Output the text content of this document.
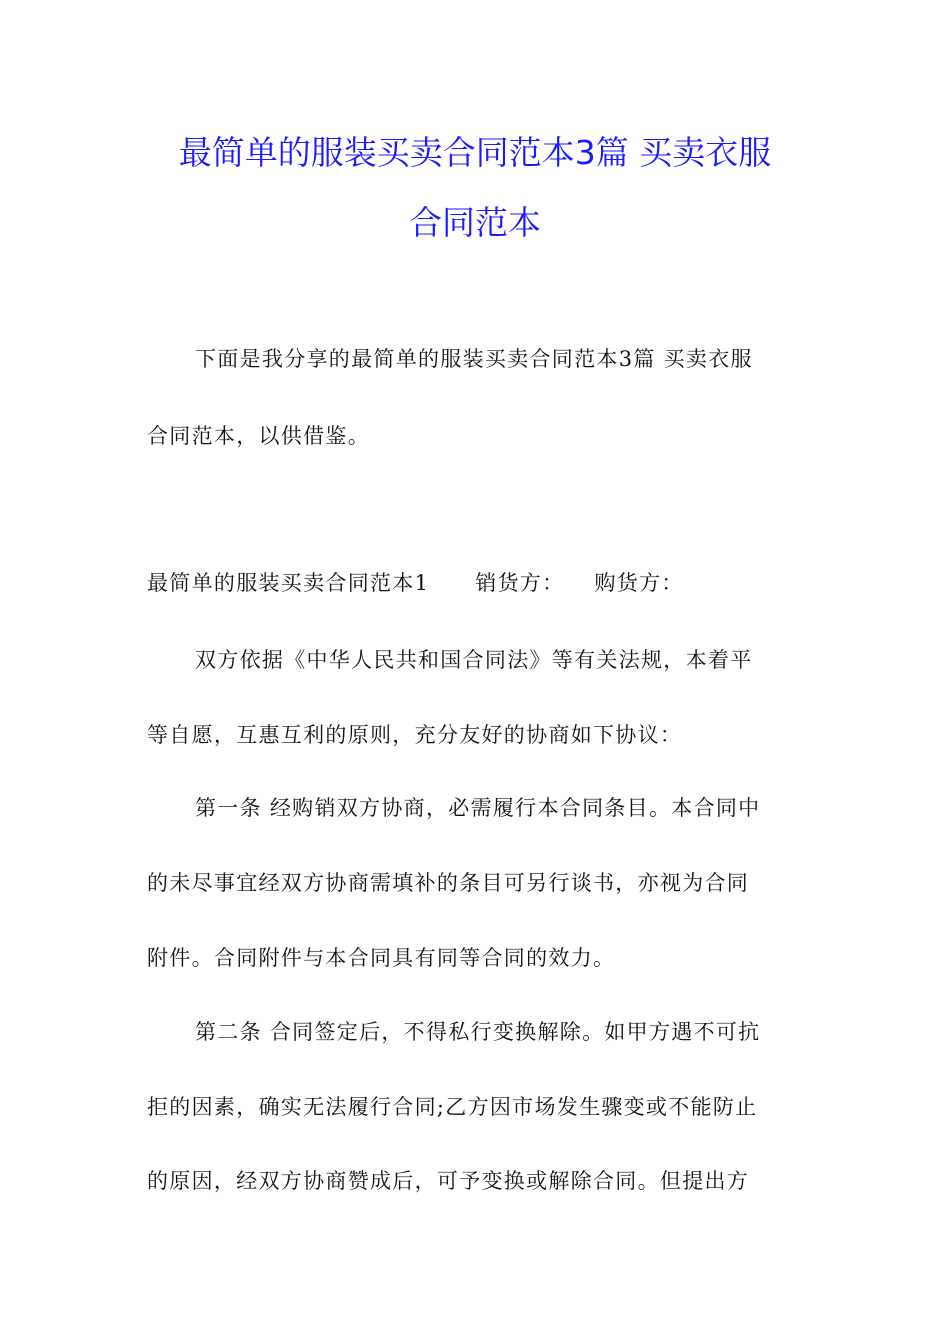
最简单的服装买卖合同范本3篇 买卖衣服
合同范本
下面是我分享的最简单的服装买卖合同范本3篇 买卖衣服
合同范本，以供借鉴。
最简单的服装买卖合同范本1 销货方： 购货方：
双方依据《中华人民共和国合同法》等有关法规，本着平
等自愿，互惠互利的原则，充分友好的协商如下协议：
第一条 经购销双方协商，必需履行本合同条目。本合同中
的未尽事宜经双方协商需填补的条目可另行谈书，亦视为合同
附件。合同附件与本合同具有同等合同的效力。
第二条 合同签定后，不得私行变换解除。如甲方遇不可抗
拒的因素，确实无法履行合同;乙方因市场发生骤变或不能防止
的原因，经双方协商赞成后，可予变换或解除合同。但提出方
